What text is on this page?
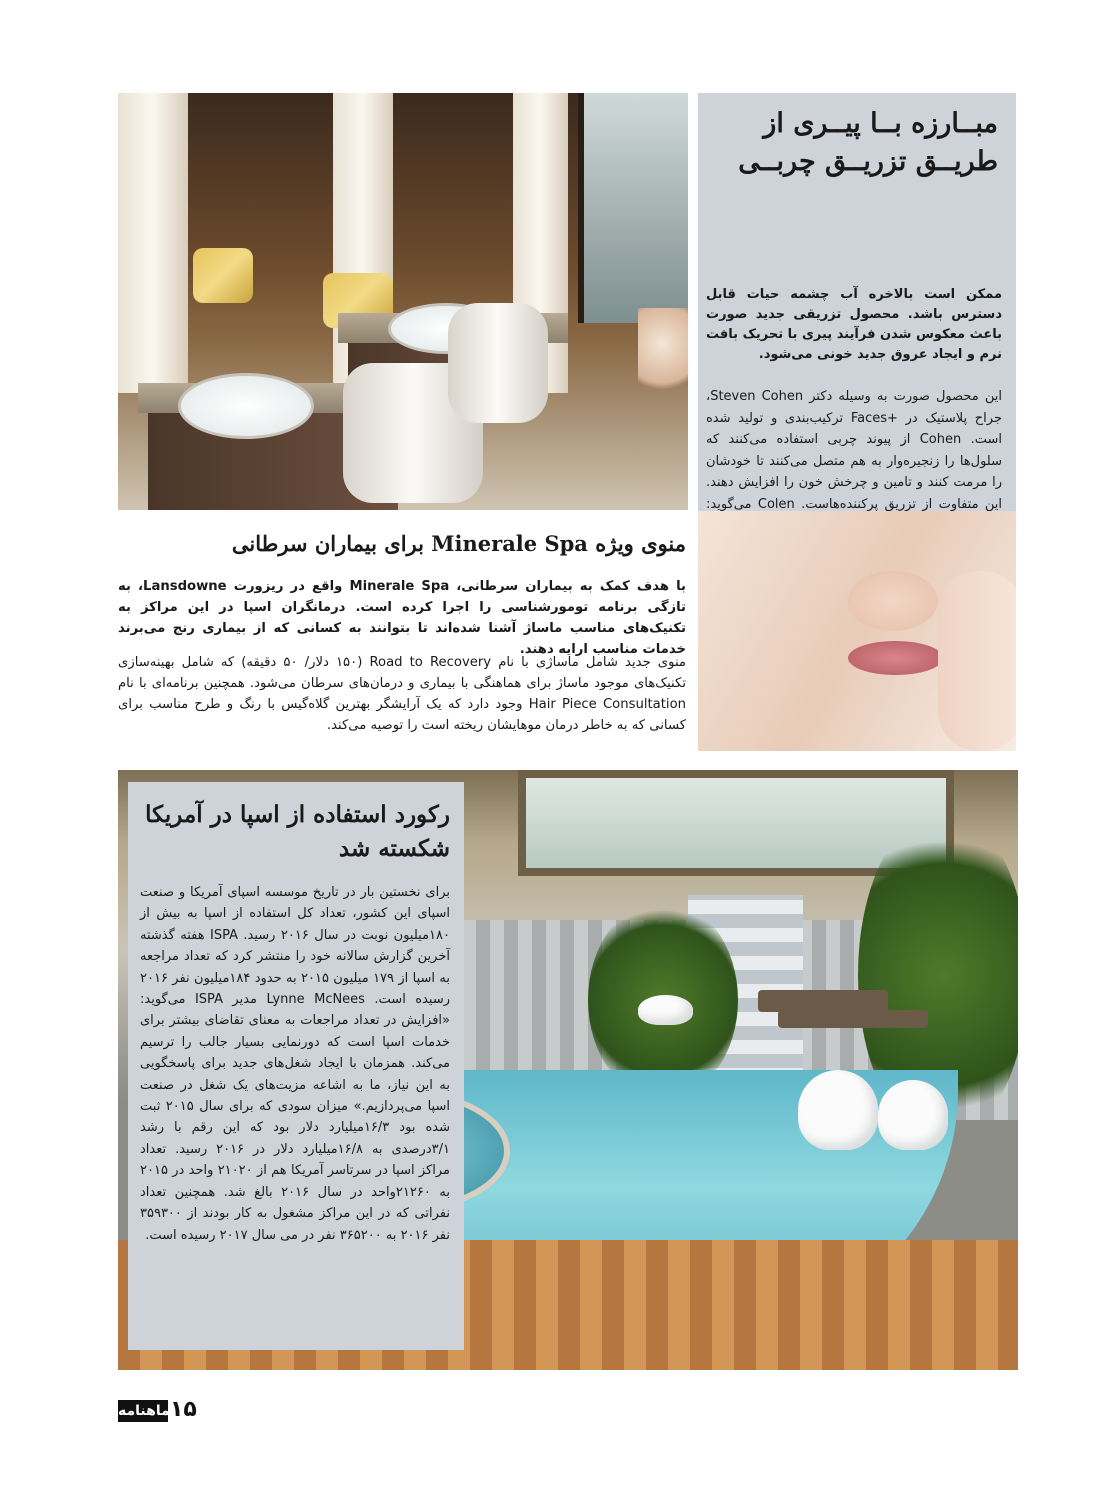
مبــارزه بــا پیــری از طریــق تزریــق چربــی
ممکن است بالاخره آب چشمه حیات قابل دسترس باشد. محصول تزریقی جدید صورت باعث معکوس شدن فرآیند پیری با تحریک بافت نرم و ایجاد عروق جدید خونی می‌شود.
این محصول صورت به وسیله دکتر Steven Cohen، جراح پلاستیک در +Faces ترکیب‌بندی و تولید شده است. Cohen از پیوند چربی استفاده می‌کنند که سلول‌ها را زنجیره‌وار به هم متصل می‌کنند تا خودشان را مرمت کنند و تامین و چرخش خون را افزایش دهند. این متفاوت از تزریق پرکننده‌هاست. Colen می‌گوید:
منوی ویژه Minerale Spa برای بیماران سرطانی
با هدف کمک به بیماران سرطانی، Minerale Spa واقع در ریزورت Lansdowne، به تازگی برنامه تومورشناسی را اجرا کرده است. درمانگران اسپا در این مراکز به تکنیک‌های مناسب ماساژ آشنا شده‌اند تا بتوانند به کسانی که از بیماری رنج می‌برند خدمات مناسب ارایه دهند.
منوی جدید شامل ماساژی با نام Road to Recovery (۱۵۰ دلار/ ۵۰ دقیقه) که شامل بهینه‌سازی تکنیک‌های موجود ماساژ برای هماهنگی با بیماری و درمان‌های سرطان می‌شود. همچنین برنامه‌ای با نام Hair Piece Consultation وجود دارد که یک آرایشگر بهترین گلاه‌گیس با رنگ و طرح مناسب برای کسانی که به خاطر درمان موهایشان ریخته است را توصیه می‌کند.
رکورد استفاده از اسپا در آمریکا شکسته شد
برای نخستین بار در تاریخ موسسه اسپای آمریکا و صنعت اسپای این کشور، تعداد کل استفاده از اسپا به بیش از ۱۸۰میلیون نوبت در سال ۲۰۱۶ رسید. ISPA هفته گذشته آخرین گزارش سالانه خود را منتشر کرد که تعداد مراجعه به اسپا از ۱۷۹ میلیون ۲۰۱۵ به حدود ۱۸۴میلیون نفر ۲۰۱۶ رسیده است. Lynne McNees مدیر ISPA می‌گوید: «افزایش در تعداد مراجعات به معنای تقاضای بیشتر برای خدمات اسپا است که دورنمایی بسیار جالب را ترسیم می‌کند. همزمان با ایجاد شغل‌های جدید برای پاسخگویی به این نیاز، ما به اشاعه مزیت‌های یک شغل در صنعت اسپا می‌پردازیم.» میزان سودی که برای سال ۲۰۱۵ ثبت شده بود ۱۶/۳میلیارد دلار بود که این رقم با رشد ۳/۱درصدی به ۱۶/۸میلیارد دلار در ۲۰۱۶ رسید. تعداد مراکز اسپا در سرتاسر آمریکا هم از ۲۱۰۲۰ واحد در ۲۰۱۵ به ۲۱۲۶۰واحد در سال ۲۰۱۶ بالغ شد. همچنین تعداد نفراتی که در این مراکز مشغول به کار بودند از ۳۵۹۳۰۰ نفر ۲۰۱۶ به ۳۶۵۲۰۰ نفر در می سال ۲۰۱۷ رسیده است.
ماهنامه ۱۵
